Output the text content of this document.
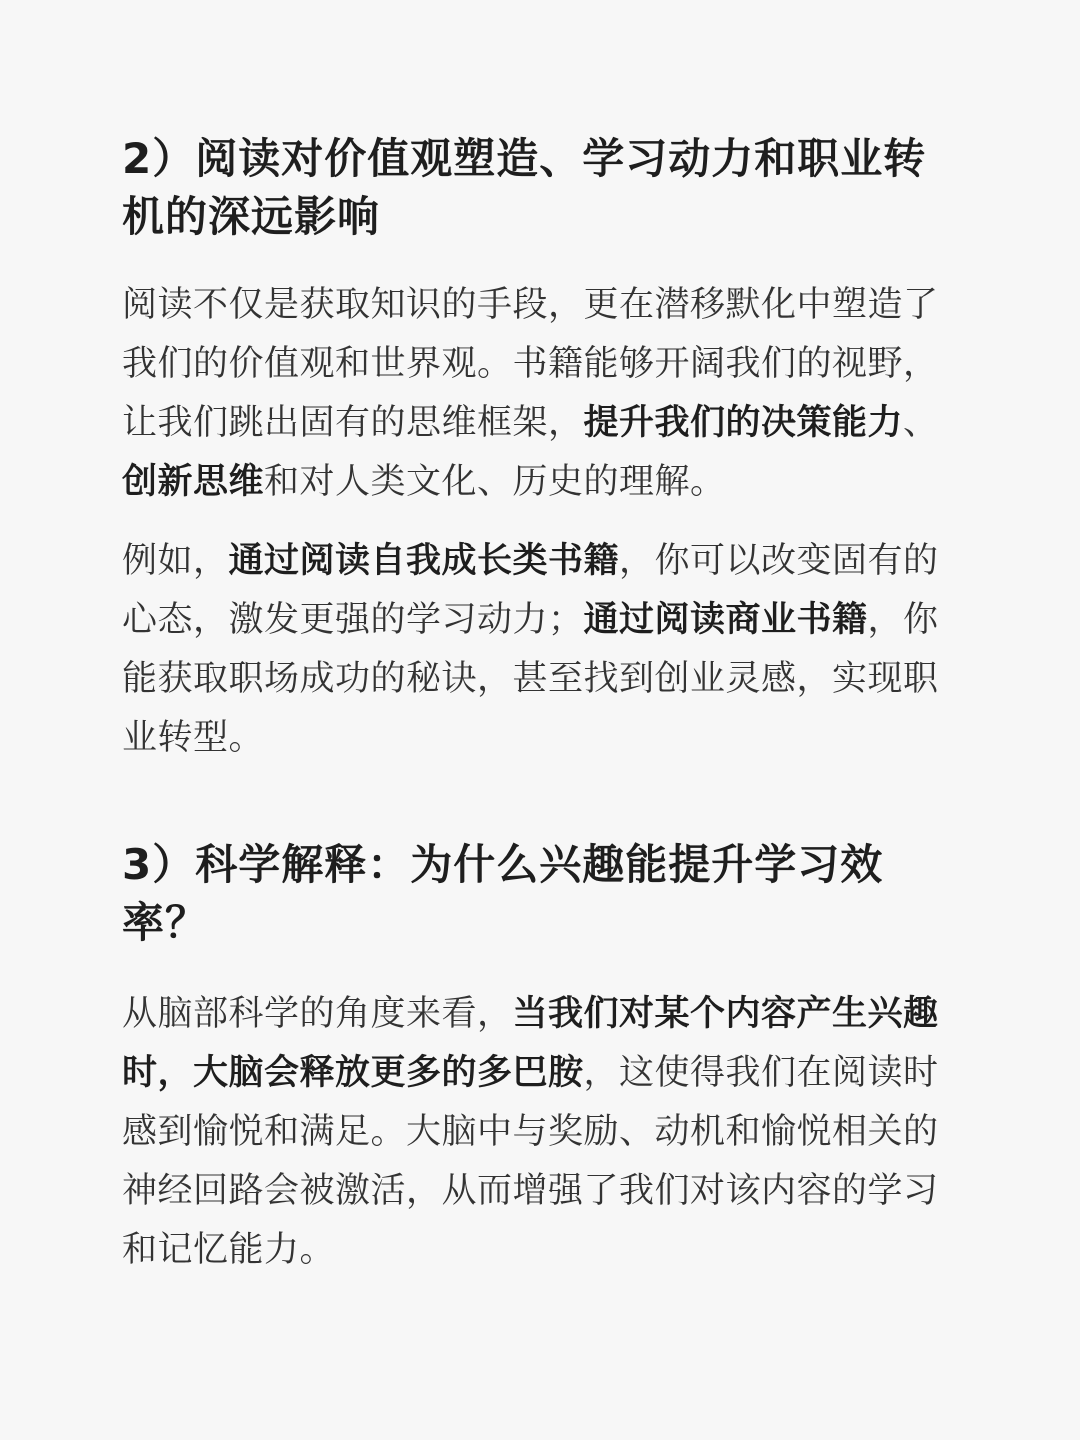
2）阅读对价值观塑造、学习动力和职业转机的深远影响

阅读不仅是获取知识的手段，更在潜移默化中塑造了我们的价值观和世界观。书籍能够开阔我们的视野，让我们跳出固有的思维框架，提升我们的决策能力、创新思维和对人类文化、历史的理解。

例如，通过阅读自我成长类书籍，你可以改变固有的心态，激发更强的学习动力；通过阅读商业书籍，你能获取职场成功的秘诀，甚至找到创业灵感，实现职业转型。

3）科学解释：为什么兴趣能提升学习效率？

从脑部科学的角度来看，当我们对某个内容产生兴趣时，大脑会释放更多的多巴胺，这使得我们在阅读时感到愉悦和满足。大脑中与奖励、动机和愉悦相关的神经回路会被激活，从而增强了我们对该内容的学习和记忆能力。
